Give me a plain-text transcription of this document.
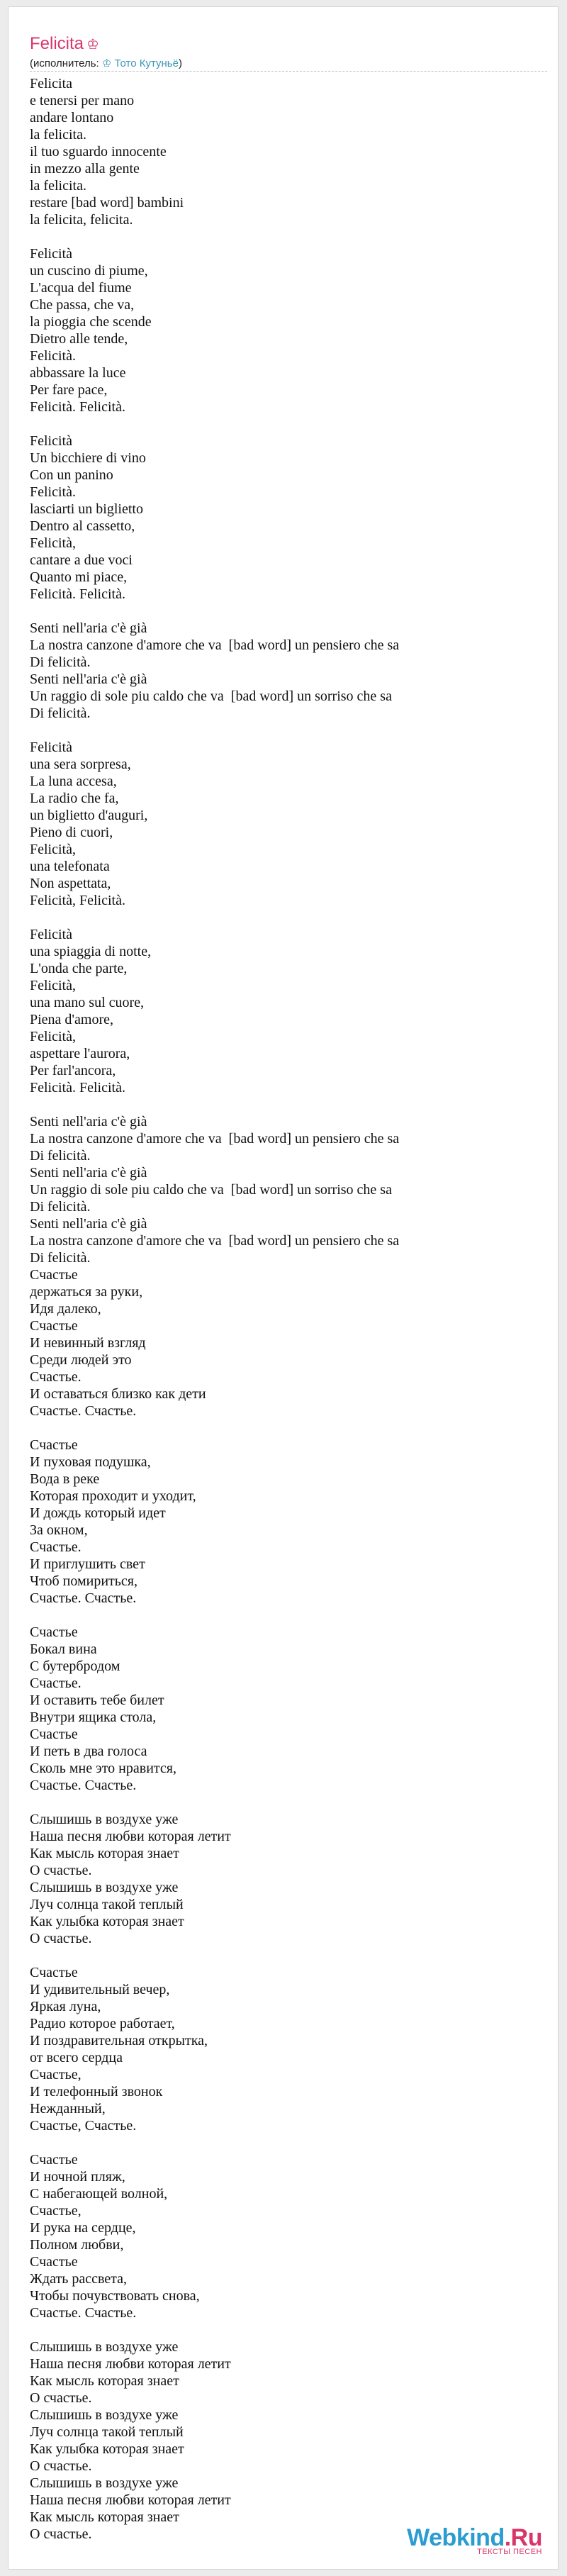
Felicita ♔
(исполнитель: ♔ Тото Кутуньё)
Felicita
e tenersi per mano
andare lontano
la felicita.
il tuo sguardo innocente
in mezzo alla gente
la felicita.
restare [bad word] bambini
la felicita, felicita.

Felicità
un cuscino di piume,
L'acqua del fiume
Che passa, che va,
la pioggia che scende
Dietro alle tende,
Felicità.
abbassare la luce
Per fare pace,
Felicità. Felicità.

Felicità
Un bicchiere di vino
Con un panino
Felicità.
lasciarti un biglietto
Dentro al cassetto,
Felicità,
cantare a due voci
Quanto mi piace,
Felicità. Felicità.

Senti nell'aria c'è già
La nostra canzone d'amore che va  [bad word] un pensiero che sa
Di felicità.
Senti nell'aria c'è già
Un raggio di sole piu caldo che va  [bad word] un sorriso che sa
Di felicità.

Felicità
una sera sorpresa,
La luna accesa,
La radio che fa,
un biglietto d'auguri,
Pieno di cuori,
Felicità,
una telefonata
Non aspettata,
Felicità, Felicità.

Felicità
una spiaggia di notte,
L'onda che parte,
Felicità,
una mano sul cuore,
Piena d'amore,
Felicità,
aspettare l'aurora,
Per farl'ancora,
Felicità. Felicità.

Senti nell'aria c'è già
La nostra canzone d'amore che va  [bad word] un pensiero che sa
Di felicità.
Senti nell'aria c'è già
Un raggio di sole piu caldo che va  [bad word] un sorriso che sa
Di felicità.
Senti nell'aria c'è già
La nostra canzone d'amore che va  [bad word] un pensiero che sa
Di felicità.
Счастье
держаться за руки,
Идя далеко,
Счастье
И невинный взгляд
Среди людей это
Счастье.
И оставаться близко как дети
Счастье. Счастье.

Счастье
И пуховая подушка,
Вода в реке
Которая проходит и уходит,
И дождь который идет
За окном,
Счастье.
И приглушить свет
Чтоб помириться,
Счастье. Счастье.

Счастье
Бокал вина
С бутербродом
Счастье.
И оставить тебе билет
Внутри ящика стола,
Счастье
И петь в два голоса
Сколь мне это нравится,
Счастье. Счастье.

Слышишь в воздухе уже
Наша песня любви которая летит
Как мысль которая знает
О счастье.
Слышишь в воздухе уже
Луч солнца такой теплый
Как улыбка которая знает
О счастье.

Счастье
И удивительный вечер,
Яркая луна,
Радио которое работает,
И поздравительная открытка,
от всего сердца
Счастье,
И телефонный звонок
Нежданный,
Счастье, Счастье.

Счастье
И ночной пляж,
С набегающей волной,
Счастье,
И рука на сердце,
Полном любви,
Счастье
Ждать рассвета,
Чтобы почувствовать снова,
Счастье. Счастье.

Слышишь в воздухе уже
Наша песня любви которая летит
Как мысль которая знает
О счастье.
Слышишь в воздухе уже
Луч солнца такой теплый
Как улыбка которая знает
О счастье.
Слышишь в воздухе уже
Наша песня любви которая летит
Как мысль которая знает
О счастье.	Webkind.Ru
ТЕКСТЫ ПЕСЕН
